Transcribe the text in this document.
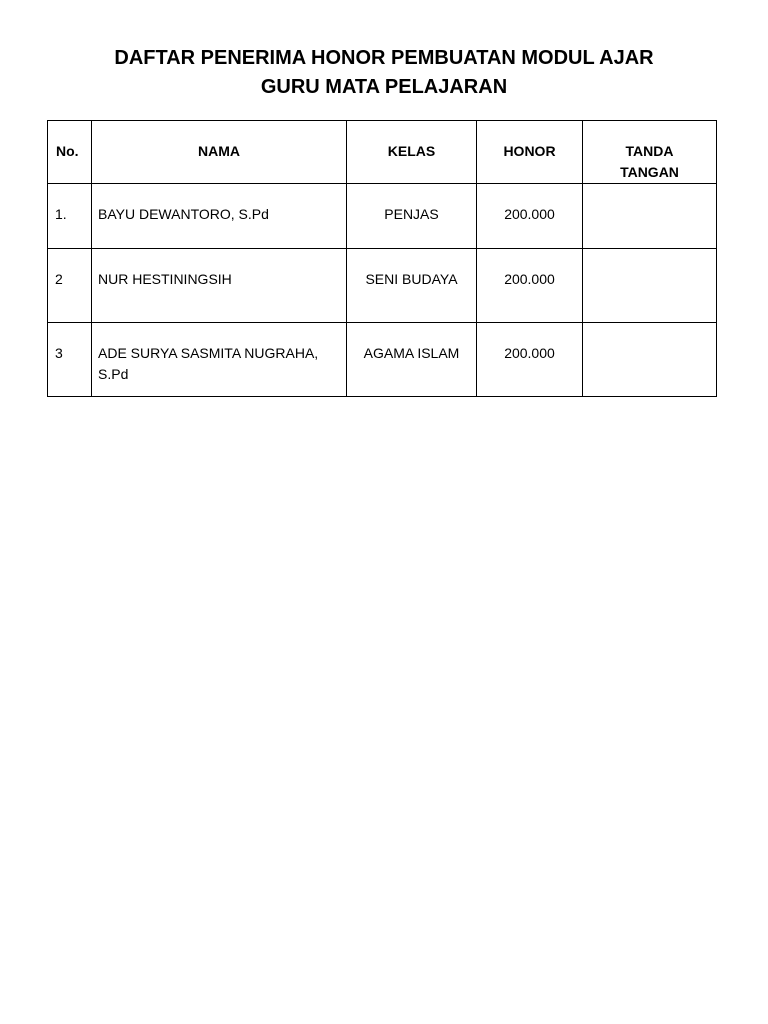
DAFTAR PENERIMA HONOR PEMBUATAN MODUL AJAR
GURU MATA PELAJARAN
No.	NAMA	KELAS	HONOR	TANDA
TANGAN

1.	BAYU DEWANTORO, S.Pd	PENJAS	200.000	
2	NUR HESTININGSIH	SENI BUDAYA	200.000	
3	ADE SURYA SASMITA NUGRAHA,
S.Pd	AGAMA ISLAM	200.000	
